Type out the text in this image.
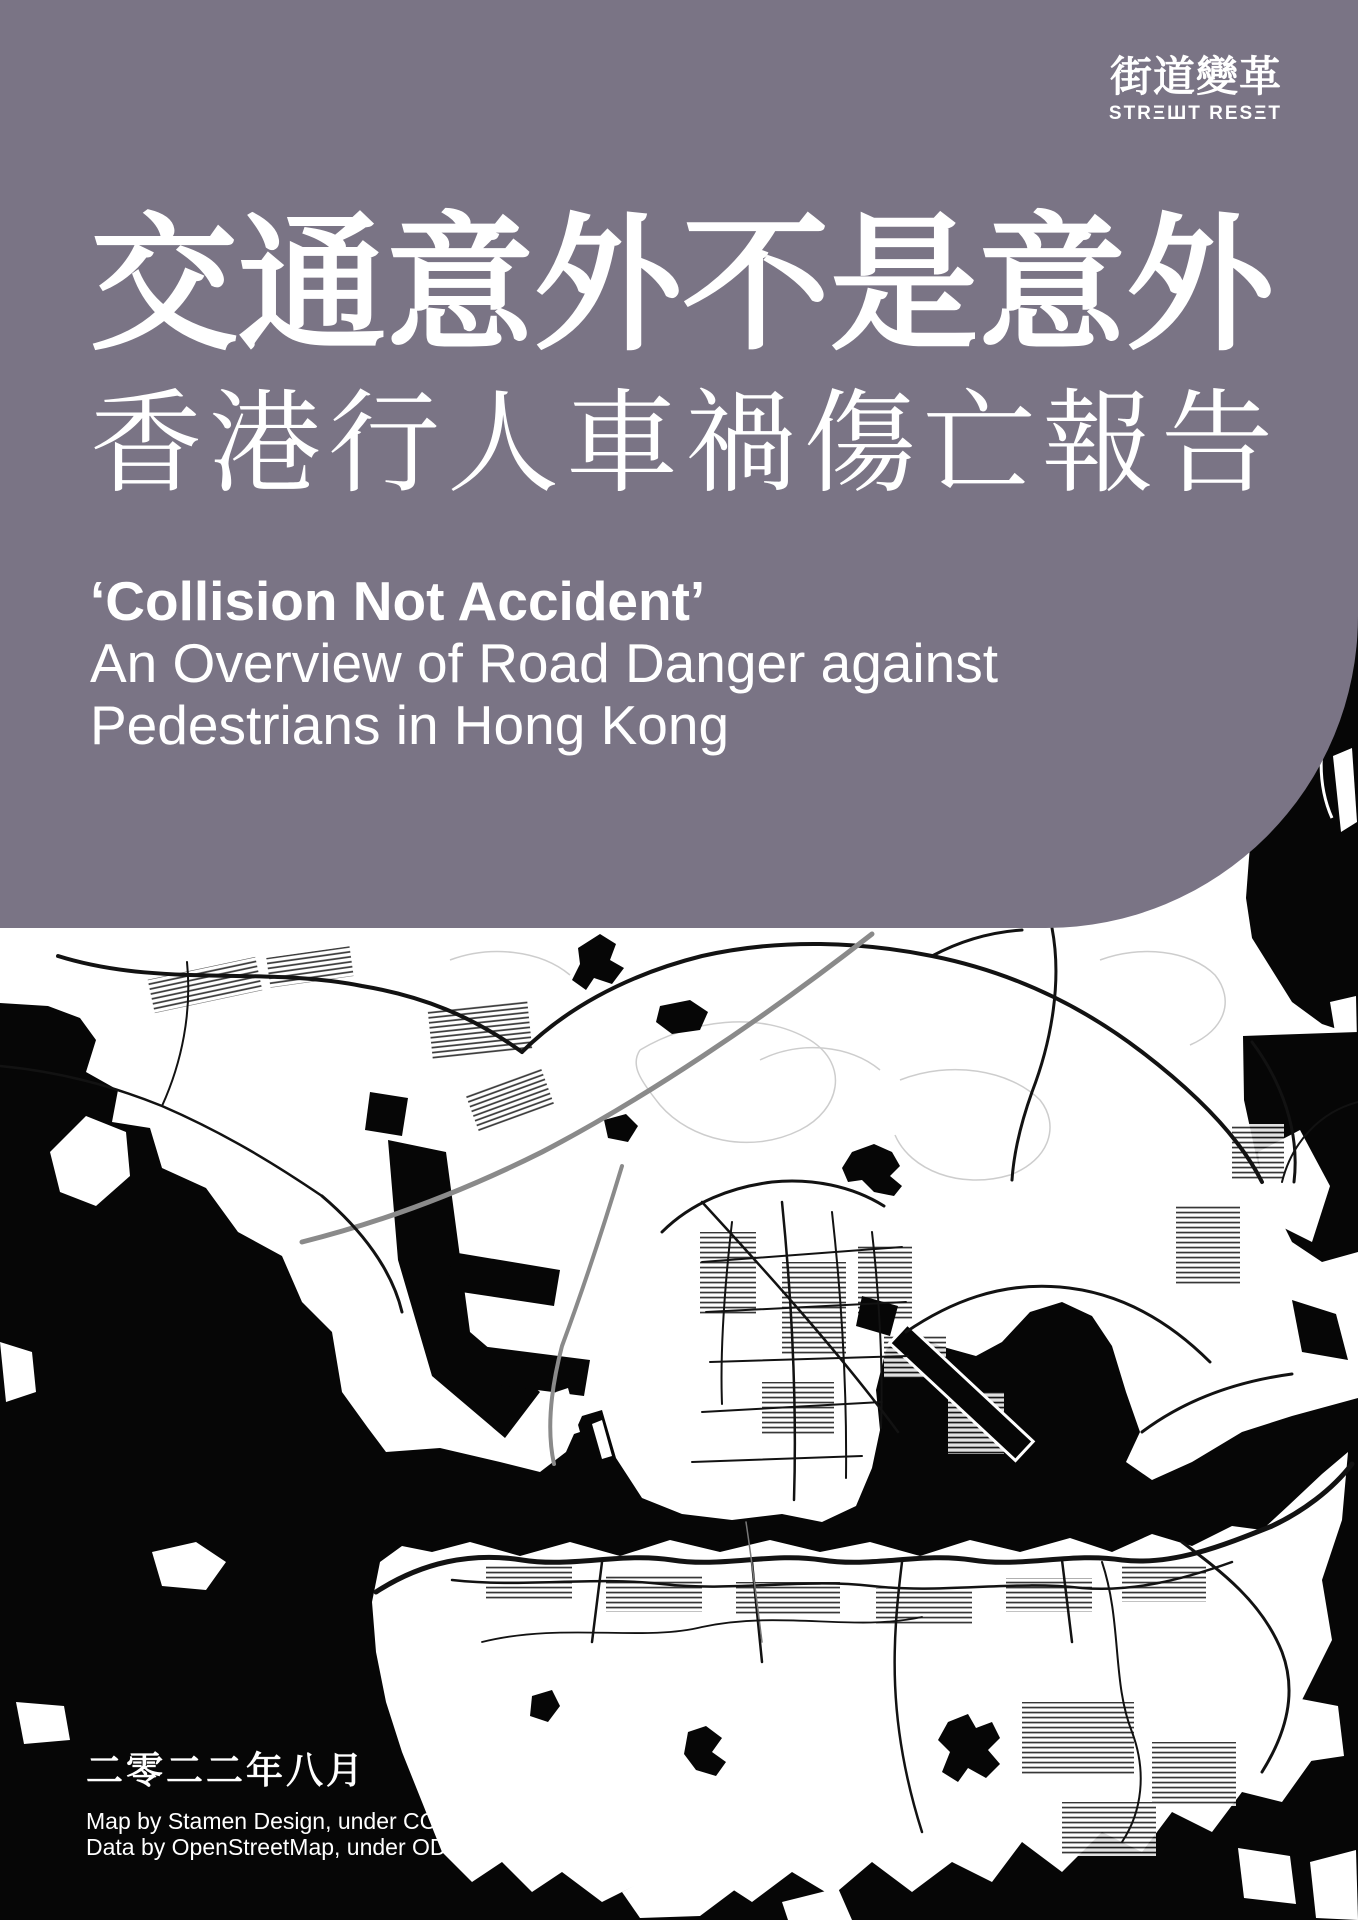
街道變革
STRΞШT RESΞT
交通意外不是意外
香港行人車禍傷亡報告
‘Collision Not Accident’
An Overview of Road Danger against
Pedestrians in Hong Kong
二零二二年八月
Map by Stamen Design, under CC BY 3.0.
Data by OpenStreetMap, under ODbL.
